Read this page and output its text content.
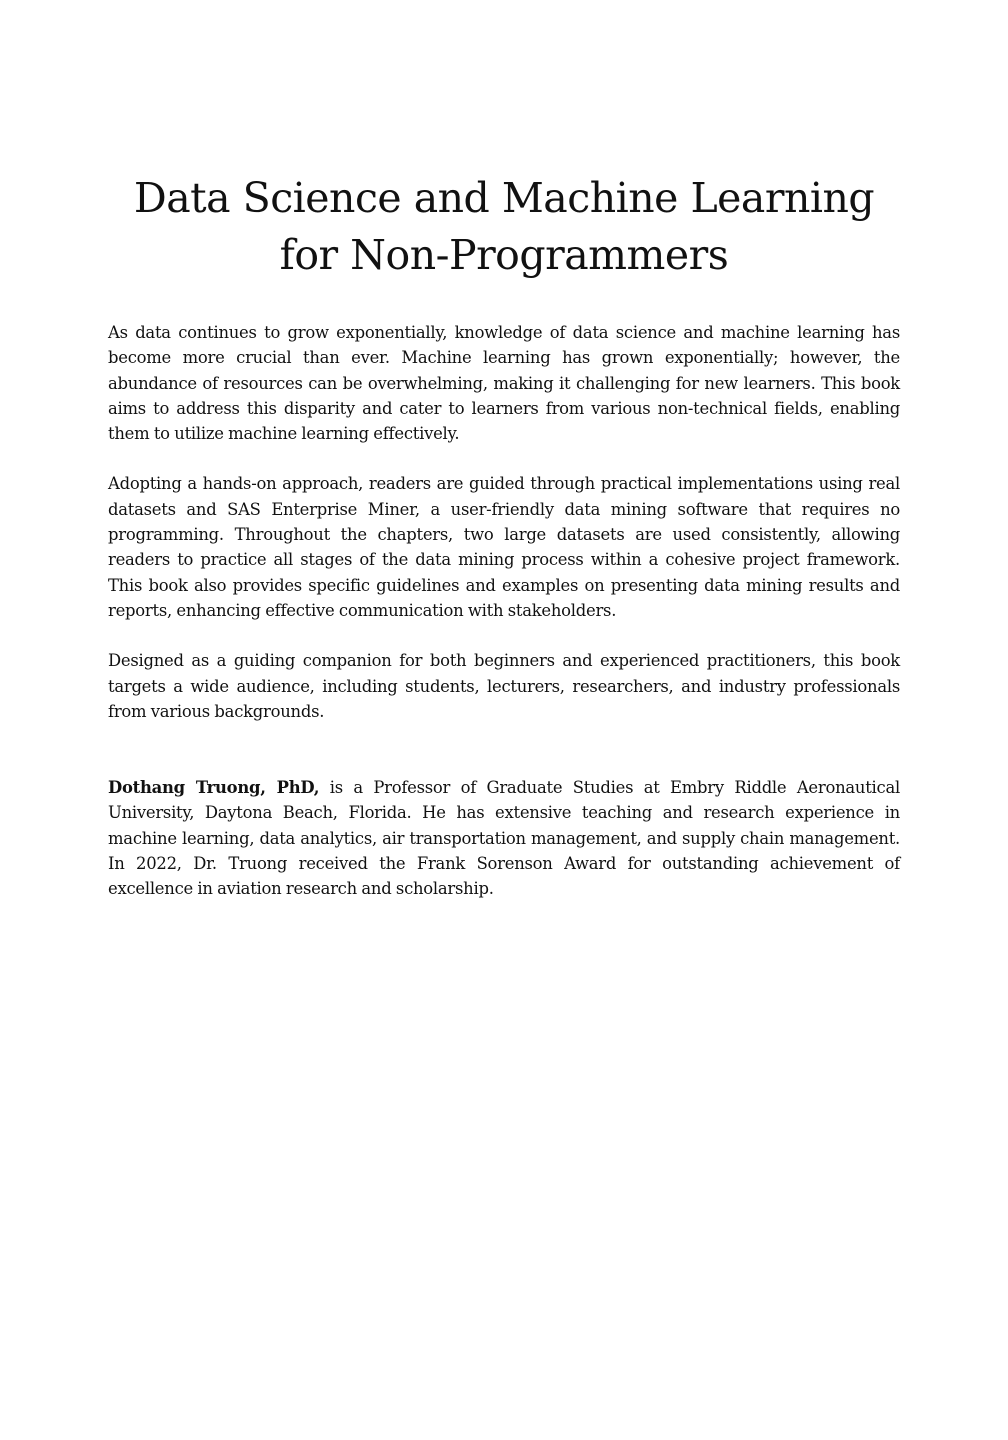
Data Science and Machine Learning
for Non-Programmers

As data continues to grow exponentially, knowledge of data science and machine learning has become more crucial than ever. Machine learning has grown exponentially; however, the abundance of resources can be overwhelming, making it challenging for new learners. This book aims to address this disparity and cater to learners from various non-technical fields, enabling them to utilize machine learning effectively.

Adopting a hands-on approach, readers are guided through practical implementations using real datasets and SAS Enterprise Miner, a user-friendly data mining software that requires no programming. Throughout the chapters, two large datasets are used consistently, allowing readers to practice all stages of the data mining process within a cohesive project framework. This book also provides specific guidelines and examples on presenting data mining results and reports, enhancing effective communication with stakeholders.

Designed as a guiding companion for both beginners and experienced practitioners, this book targets a wide audience, including students, lecturers, researchers, and industry professionals from various backgrounds.

Dothang Truong, PhD, is a Professor of Graduate Studies at Embry Riddle Aeronautical University, Daytona Beach, Florida. He has extensive teaching and research experience in machine learning, data analytics, air transportation management, and supply chain management. In 2022, Dr. Truong received the Frank Sorenson Award for outstanding achievement of excellence in aviation research and scholarship.
